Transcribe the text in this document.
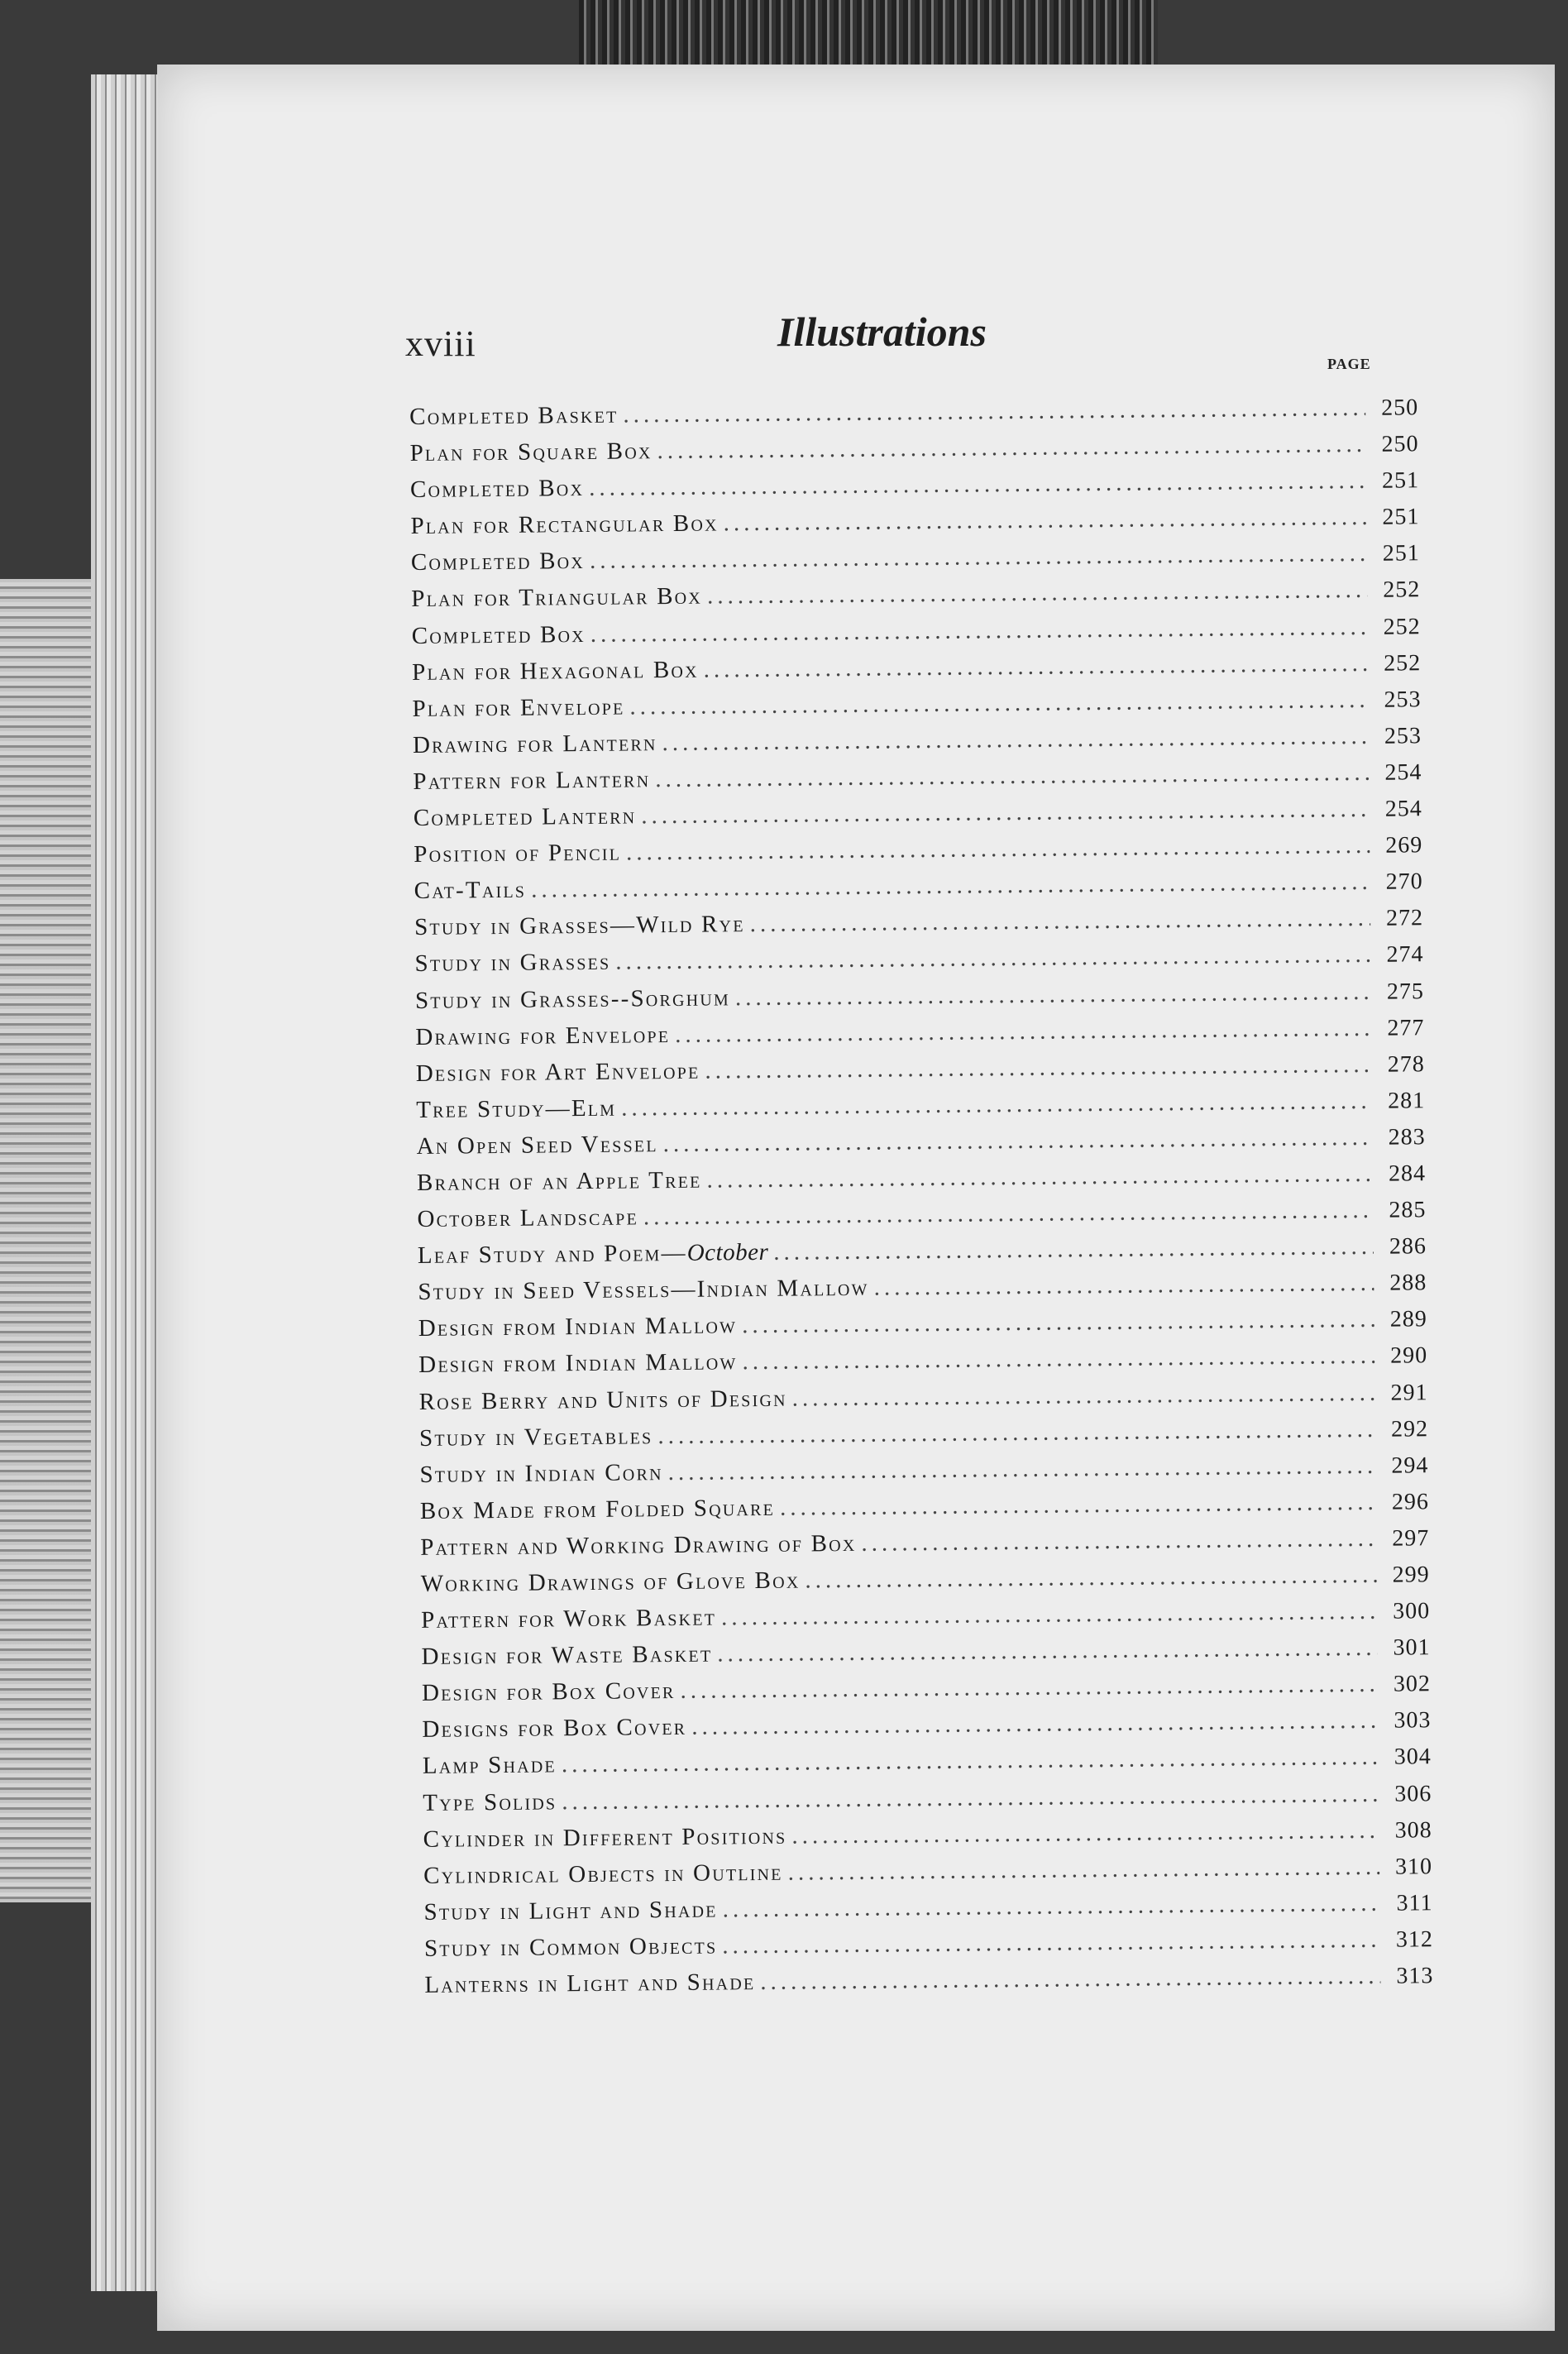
xviii	Illustrations
PAGE
Completed Basket .....	250
Plan for Square Box .....	250
Completed Box .....	251
Plan for Rectangular Box .....	251
Completed Box .....	251
Plan for Triangular Box .....	252
Completed Box .....	252
Plan for Hexagonal Box .....	252
Plan for Envelope .....	253
Drawing for Lantern .....	253
Pattern for Lantern .....	254
Completed Lantern .....	254
Position of Pencil .....	269
Cat-Tails .....	270
Study in Grasses—Wild Rye .....	272
Study in Grasses .....	274
Study in Grasses--Sorghum .....	275
Drawing for Envelope .....	277
Design for Art Envelope .....	278
Tree Study—Elm .....	281
An Open Seed Vessel .....	283
Branch of an Apple Tree .....	284
October Landscape .....	285
Leaf Study and Poem—October .....	286
Study in Seed Vessels—Indian Mallow .....	288
Design from Indian Mallow .....	289
Design from Indian Mallow .....	290
Rose Berry and Units of Design .....	291
Study in Vegetables .....	292
Study in Indian Corn .....	294
Box Made from Folded Square .....	296
Pattern and Working Drawing of Box .....	297
Working Drawings of Glove Box .....	299
Pattern for Work Basket .....	300
Design for Waste Basket .....	301
Design for Box Cover .....	302
Designs for Box Cover .....	303
Lamp Shade .....	304
Type Solids .....	306
Cylinder in Different Positions .....	308
Cylindrical Objects in Outline .....	310
Study in Light and Shade .....	311
Study in Common Objects .....	312
Lanterns in Light and Shade .....	313
